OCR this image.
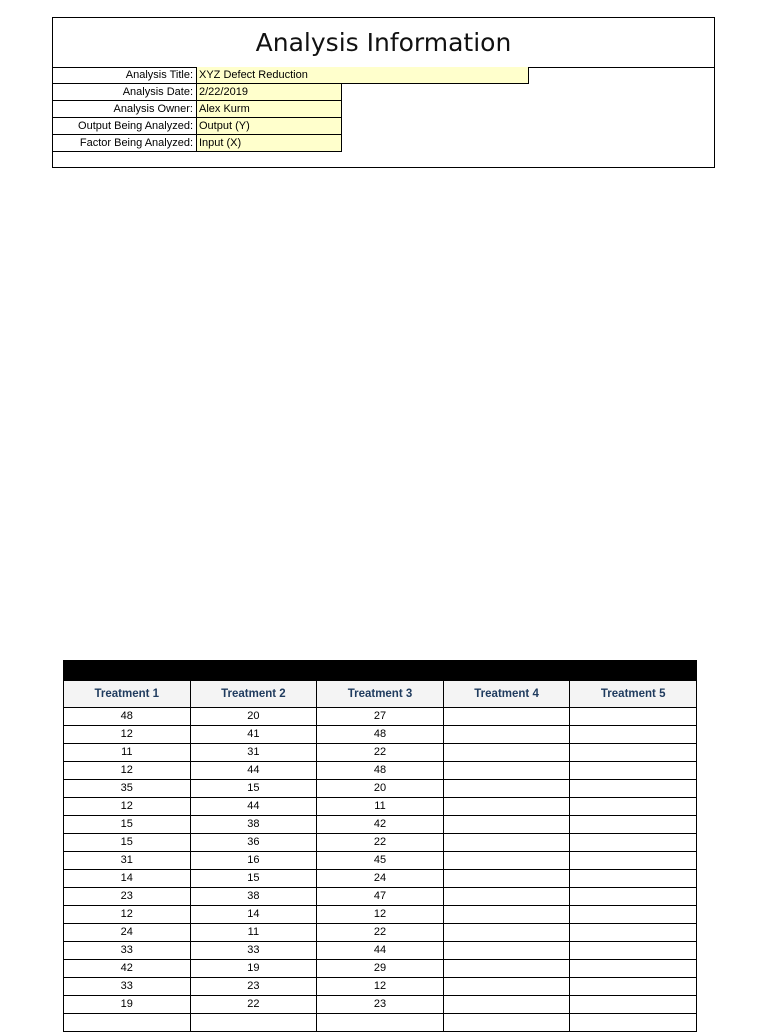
Analysis Information
Analysis Title: XYZ Defect Reduction
Analysis Date: 2/22/2019
Analysis Owner: Alex Kurm
Output Being Analyzed: Output (Y)
Factor Being Analyzed: Input (X)
Treatment 1	Treatment 2	Treatment 3	Treatment 4	Treatment 5
48	20	27		
12	41	48		
11	31	22		
12	44	48		
35	15	20		
12	44	11		
15	38	42		
15	36	22		
31	16	45		
14	15	24		
23	38	47		
12	14	12		
24	11	22		
33	33	44		
42	19	29		
33	23	12		
19	22	23		
